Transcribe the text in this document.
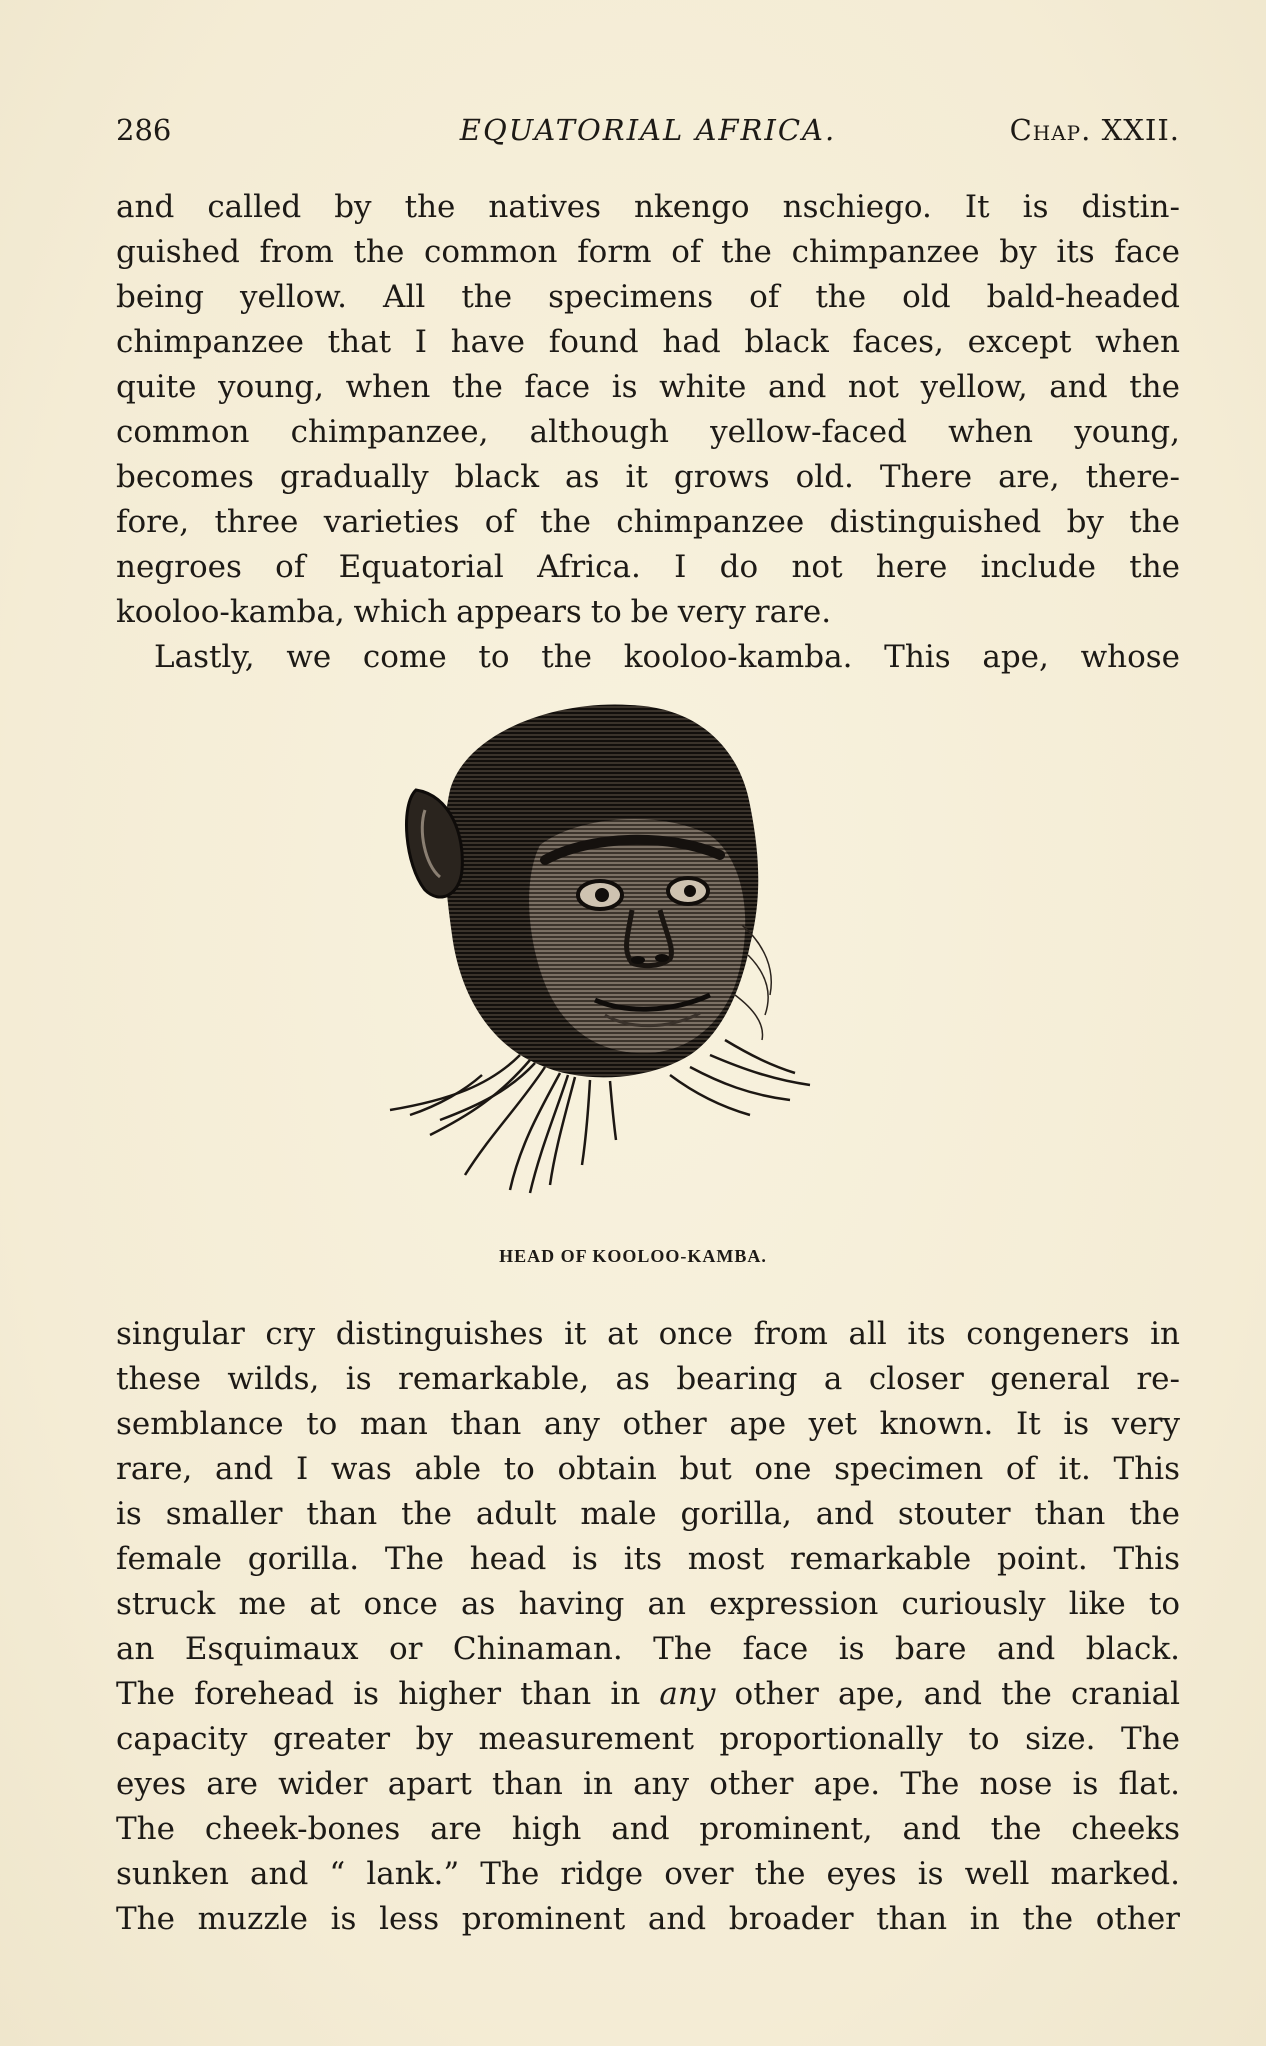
286	EQUATORIAL AFRICA.	Chap. XXII.
and called by the natives nkengo nschiego. It is distin-
guished from the common form of the chimpanzee by its face
being yellow. All the specimens of the old bald-headed
chimpanzee that I have found had black faces, except when
quite young, when the face is white and not yellow, and the
common chimpanzee, although yellow-faced when young,
becomes gradually black as it grows old. There are, there-
fore, three varieties of the chimpanzee distinguished by the
negroes of Equatorial Africa. I do not here include the
kooloo-kamba, which appears to be very rare.
Lastly, we come to the kooloo-kamba. This ape, whose
HEAD OF KOOLOO-KAMBA.
singular cry distinguishes it at once from all its congeners in
these wilds, is remarkable, as bearing a closer general re-
semblance to man than any other ape yet known. It is very
rare, and I was able to obtain but one specimen of it. This
is smaller than the adult male gorilla, and stouter than the
female gorilla. The head is its most remarkable point. This
struck me at once as having an expression curiously like to
an Esquimaux or Chinaman. The face is bare and black.
The forehead is higher than in any other ape, and the cranial
capacity greater by measurement proportionally to size. The
eyes are wider apart than in any other ape. The nose is flat.
The cheek-bones are high and prominent, and the cheeks
sunken and “ lank.” The ridge over the eyes is well marked.
The muzzle is less prominent and broader than in the other
